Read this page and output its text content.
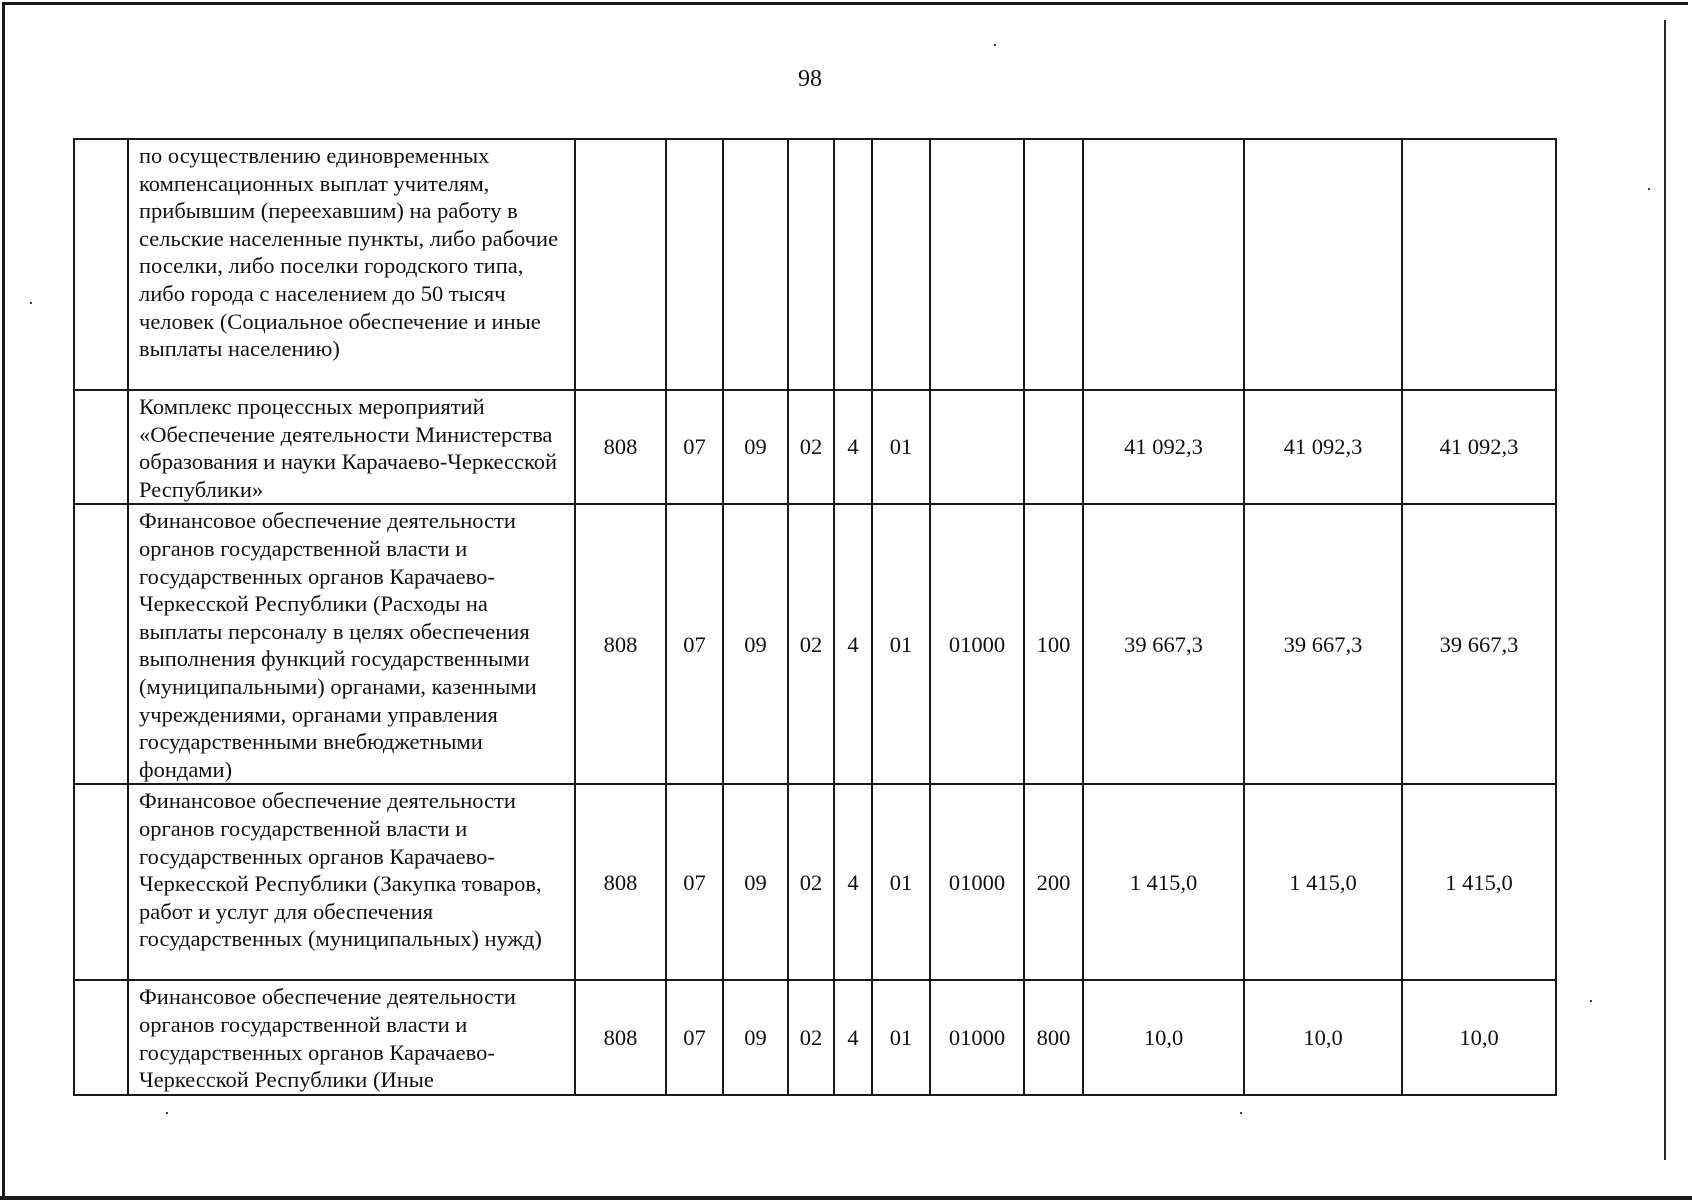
98
	по осуществлению единовременных компенсационных выплат учителям, прибывшим (переехавшим) на работу в сельские населенные пункты, либо рабочие поселки, либо поселки городского типа, либо города с населением до 50 тысяч человек (Социальное обеспечение и иные выплаты населению)											
	Комплекс процессных мероприятий «Обеспечение деятельности Министерства образования и науки Карачаево-Черкесской Республики»	808	07	09	02	4	01			41 092,3	41 092,3	41 092,3
	Финансовое обеспечение деятельности органов государственной власти и государственных органов Карачаево-Черкесской Республики (Расходы на выплаты персоналу в целях обеспечения выполнения функций государственными (муниципальными) органами, казенными учреждениями, органами управления государственными внебюджетными фондами)	808	07	09	02	4	01	01000	100	39 667,3	39 667,3	39 667,3
	Финансовое обеспечение деятельности органов государственной власти и государственных органов Карачаево-Черкесской Республики (Закупка товаров, работ и услуг для обеспечения государственных (муниципальных) нужд)	808	07	09	02	4	01	01000	200	1 415,0	1 415,0	1 415,0
	Финансовое обеспечение деятельности органов государственной власти и государственных органов Карачаево-Черкесской Республики (Иные	808	07	09	02	4	01	01000	800	10,0	10,0	10,0
